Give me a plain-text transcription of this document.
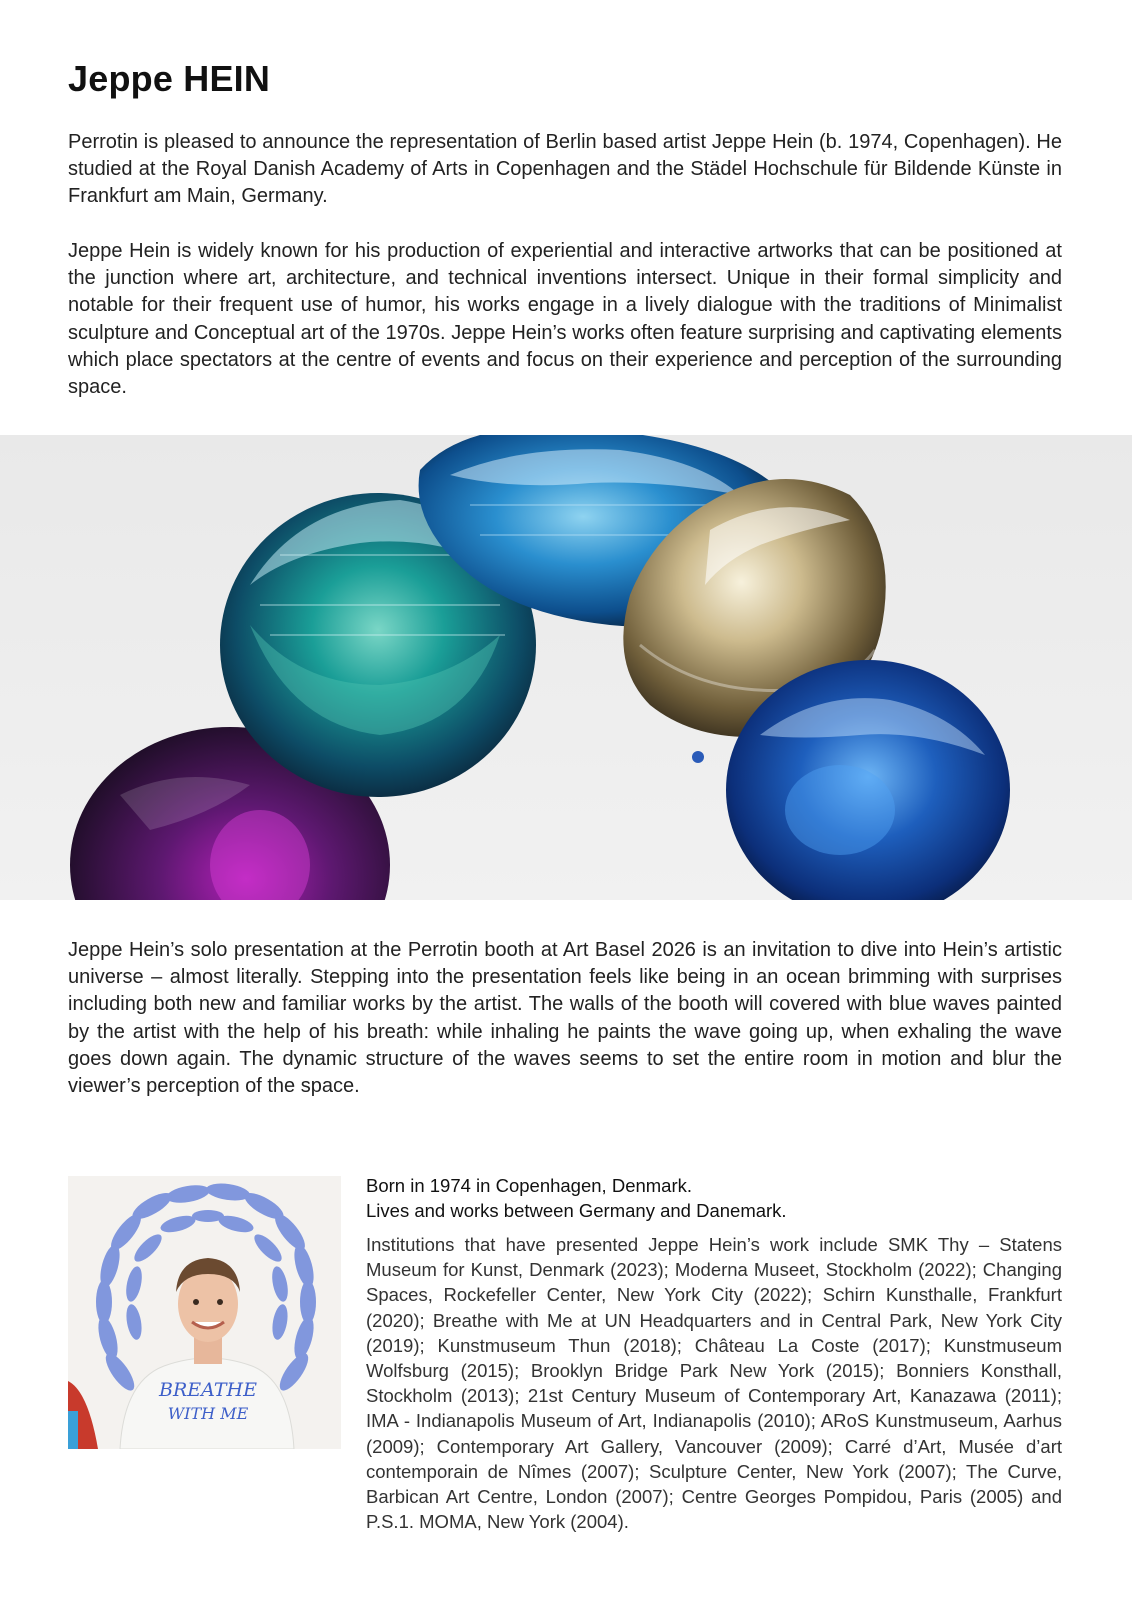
Jeppe HEIN

Perrotin is pleased to announce the representation of Berlin based artist Jeppe Hein (b. 1974, Copenhagen). He studied at the Royal Danish Academy of Arts in Copenhagen and the Städel Hochschule für Bildende Künste in Frankfurt am Main, Germany.

Jeppe Hein is widely known for his production of experiential and interactive artworks that can be positioned at the junction where art, architecture, and technical inventions intersect. Unique in their formal simplicity and notable for their frequent use of humor, his works engage in a lively dialogue with the traditions of Minimalist sculpture and Conceptual art of the 1970s. Jeppe Hein’s works often feature surprising and captivating elements which place spectators at the centre of events and focus on their experience and perception of the surrounding space.

Jeppe Hein’s solo presentation at the Perrotin booth at Art Basel 2026 is an invitation to dive into Hein’s artistic universe – almost literally. Stepping into the presentation feels like being in an ocean brimming with surprises including both new and familiar works by the artist. The walls of the booth will covered with blue waves painted by the artist with the help of his breath: while inhaling he paints the wave going up, when exhaling the wave goes down again. The dynamic structure of the waves seems to set the entire room in motion and blur the viewer’s perception of the space.

BREATHE
WITH ME

Born in 1974 in Copenhagen, Denmark.

Lives and works between Germany and Danemark.

Institutions that have presented Jeppe Hein’s work include SMK Thy – Statens Museum for Kunst, Denmark (2023); Moderna Museet, Stockholm (2022); Changing Spaces, Rockefeller Center, New York City (2022); Schirn Kunsthalle, Frankfurt (2020); Breathe with Me at UN Headquarters and in Central Park, New York City (2019); Kunstmuseum Thun (2018); Château La Coste (2017); Kunstmuseum Wolfsburg (2015); Brooklyn Bridge Park New York (2015); Bonniers Konsthall, Stockholm (2013); 21st Century Museum of Contemporary Art, Kanazawa (2011); IMA - Indianapolis Museum of Art, Indianapolis (2010); ARoS Kunstmuseum, Aarhus (2009); Contemporary Art Gallery, Vancouver (2009); Carré d’Art, Musée d’art contemporain de Nîmes (2007); Sculpture Center, New York (2007); The Curve, Barbican Art Centre, London (2007); Centre Georges Pompidou, Paris (2005) and P.S.1. MOMA, New York (2004).
